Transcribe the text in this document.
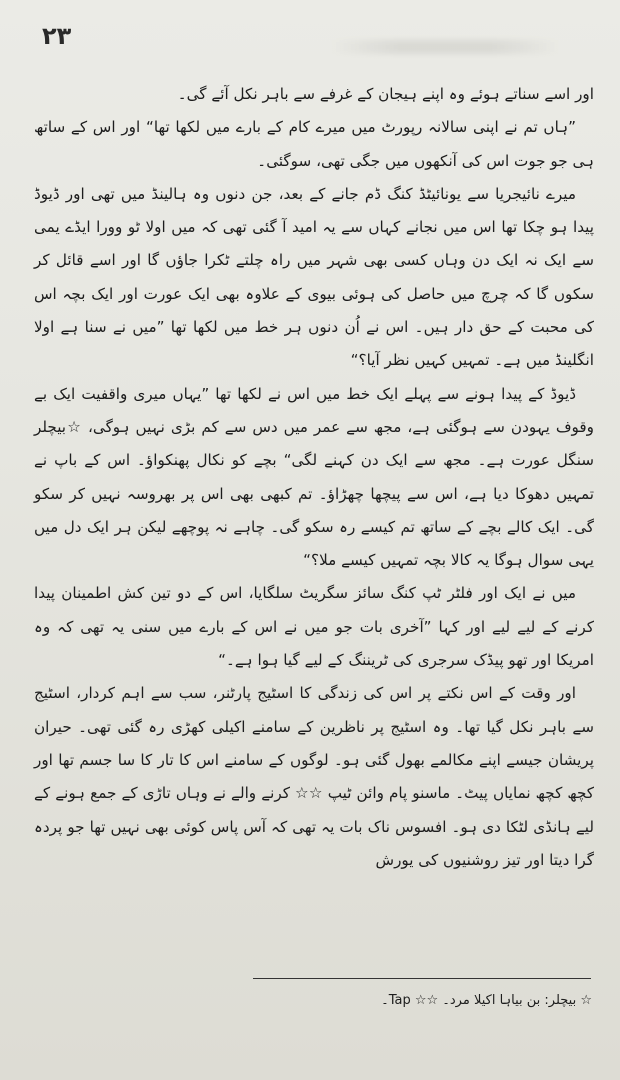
۲۳

اور اسے سناتے ہوئے وہ اپنے ہیجان کے غرفے سے باہر نکل آئے گی۔

”ہاں تم نے اپنی سالانہ رپورٹ میں میرے کام کے بارے میں لکھا تھا“ اور اس کے ساتھ ہی جو جوت اس کی آنکھوں میں جگی تھی، سوگئی۔

میرے نائیجریا سے یونائیٹڈ کنگ ڈم جانے کے بعد، جن دنوں وہ ہالینڈ میں تھی اور ڈیوڈ پیدا ہو چکا تھا اس میں نجانے کہاں سے یہ امید آ گئی تھی کہ میں اولا ٹو وورا ایڈے یمی سے ایک نہ ایک دن وہاں کسی بھی شہر میں راہ چلتے ٹکرا جاؤں گا اور اسے قائل کر سکوں گا کہ چرچ میں حاصل کی ہوئی بیوی کے علاوہ بھی ایک عورت اور ایک بچہ اس کی محبت کے حق دار ہیں۔ اس نے اُن دنوں ہر خط میں لکھا تھا ”میں نے سنا ہے اولا انگلینڈ میں ہے۔ تمہیں کہیں نظر آیا؟“

ڈیوڈ کے پیدا ہونے سے پہلے ایک خط میں اس نے لکھا تھا ”یہاں میری واقفیت ایک بے وقوف یہودن سے ہوگئی ہے، مجھ سے عمر میں دس سے کم بڑی نہیں ہوگی، ☆بیچلر سنگل عورت ہے۔ مجھ سے ایک دن کہنے لگی“ بچے کو نکال پھنکواؤ۔ اس کے باپ نے تمہیں دھوکا دیا ہے، اس سے پیچھا چھڑاؤ۔ تم کبھی بھی اس پر بھروسہ نہیں کر سکو گی۔ ایک کالے بچے کے ساتھ تم کیسے رہ سکو گی۔ چاہے نہ پوچھے لیکن ہر ایک دل میں یہی سوال ہوگا یہ کالا بچہ تمہیں کیسے ملا؟“

میں نے ایک اور فلٹر ٹپ کنگ سائز سگریٹ سلگایا، اس کے دو تین کش اطمینان پیدا کرنے کے لیے لیے اور کہا ”آخری بات جو میں نے اس کے بارے میں سنی یہ تھی کہ وہ امریکا اور تھو پیڈک سرجری کی ٹریننگ کے لیے گیا ہوا ہے۔“

اور وقت کے اس نکتے پر اس کی زندگی کا اسٹیج پارٹنر، سب سے اہم کردار، اسٹیج سے باہر نکل گیا تھا۔ وہ اسٹیج پر ناظرین کے سامنے اکیلی کھڑی رہ گئی تھی۔ حیران پریشان جیسے اپنے مکالمے بھول گئی ہو۔ لوگوں کے سامنے اس کا تار کا سا جسم تھا اور کچھ کچھ نمایاں پیٹ۔ ماسنو پام وائن ٹیپ ☆☆ کرنے والے نے وہاں تاڑی کے جمع ہونے کے لیے ہانڈی لٹکا دی ہو۔ افسوس ناک بات یہ تھی کہ آس پاس کوئی بھی نہیں تھا جو پردہ گرا دیتا اور تیز روشنیوں کی یورش

☆ بیچلر: بن بیاہا اکیلا مرد۔ ☆☆ Tap۔
